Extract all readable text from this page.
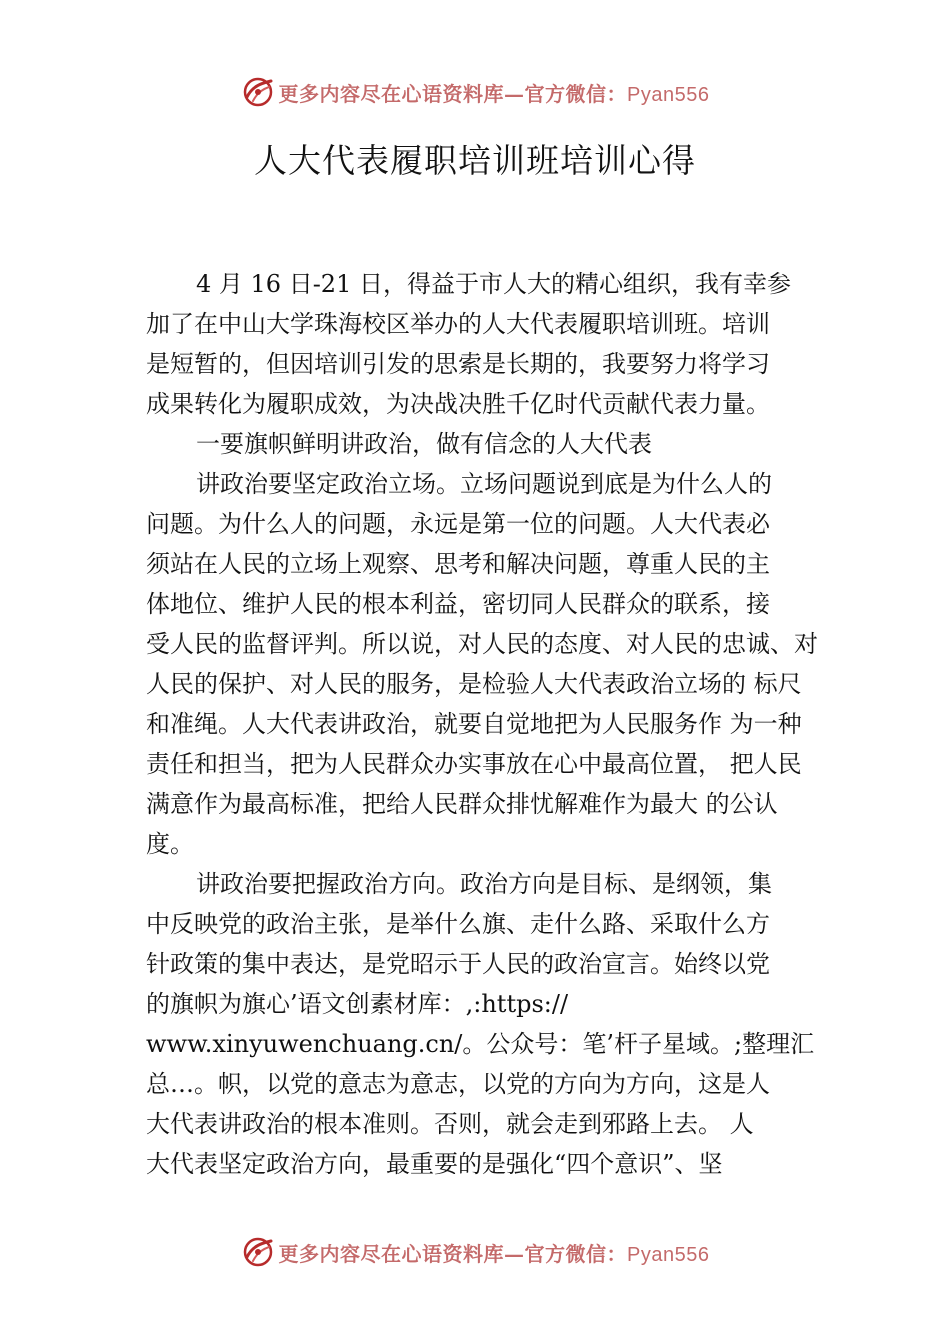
更多内容尽在心语资料库—官方微信：Pyan556
人大代表履职培训班培训心得
4 月 16 日-21 日，得益于市人大的精心组织，我有幸参
加了在中山大学珠海校区举办的人大代表履职培训班。培训
是短暂的，但因培训引发的思索是长期的，我要努力将学习
成果转化为履职成效，为决战决胜千亿时代贡献代表力量。
一要旗帜鲜明讲政治，做有信念的人大代表
讲政治要坚定政治立场。立场问题说到底是为什么人的
问题。为什么人的问题，永远是第一位的问题。人大代表必
须站在人民的立场上观察、思考和解决问题，尊重人民的主
体地位、维护人民的根本利益，密切同人民群众的联系，接
受人民的监督评判。所以说，对人民的态度、对人民的忠诚、对
人民的保护、对人民的服务，是检验人大代表政治立场的 标尺
和准绳。人大代表讲政治，就要自觉地把为人民服务作 为一种
责任和担当，把为人民群众办实事放在心中最高位置， 把人民
满意作为最高标准，把给人民群众排忧解难作为最大 的公认
度。
讲政治要把握政治方向。政治方向是目标、是纲领，集
中反映党的政治主张，是举什么旗、走什么路、采取什么方
针政策的集中表达，是党昭示于人民的政治宣言。始终以党
的旗帜为旗心’语文创素材库：,:https://
www.xinyuwenchuang.cn/。公众号：笔’杆子星域。;整理汇
总…。帜，以党的意志为意志，以党的方向为方向，这是人
大代表讲政治的根本准则。否则，就会走到邪路上去。 人
大代表坚定政治方向，最重要的是强化“四个意识”、坚
更多内容尽在心语资料库—官方微信：Pyan556
